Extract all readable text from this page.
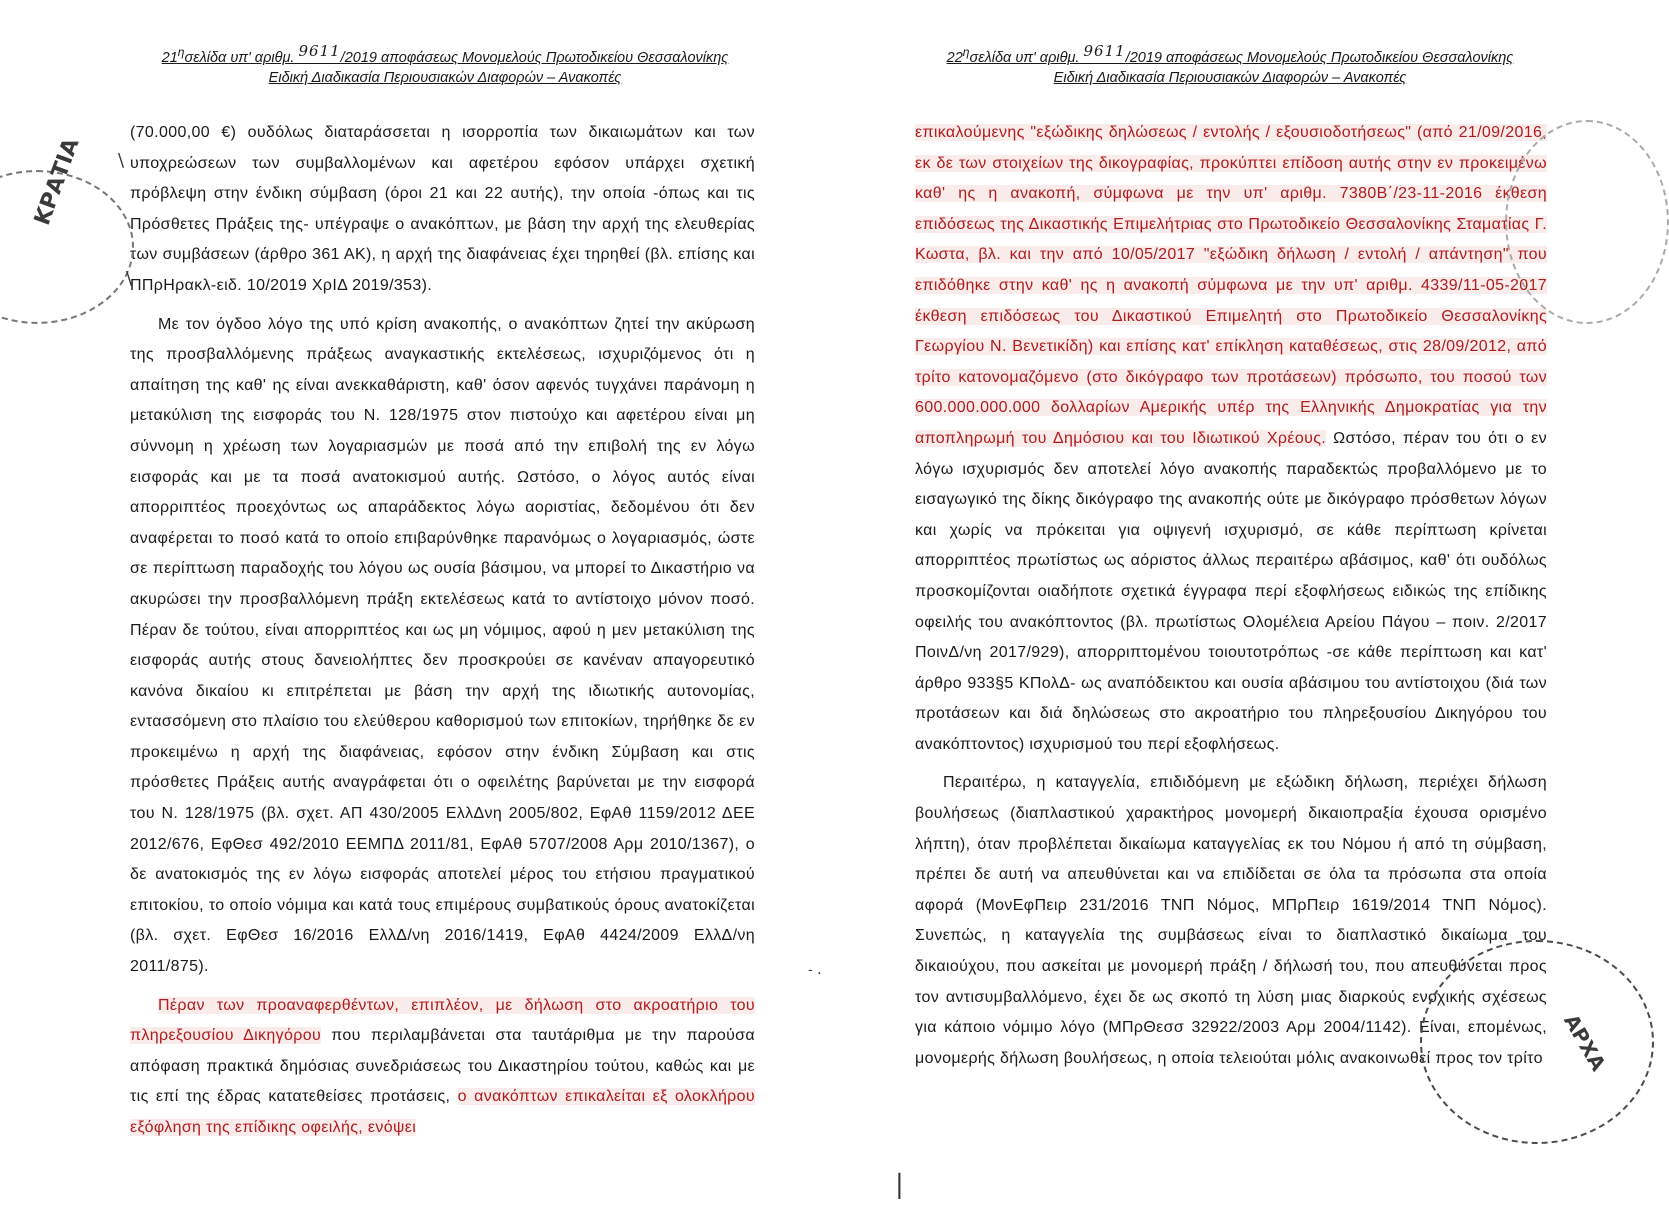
$21^\eta\sigma\varepsilon\lambda ί\delta\alpha$ υπ' αριθμ. 9611/2019 αποφάσεως Μονομελούς Πρωτοδικείου Θεσσαλονίκης
Ειδική Διαδικασία Περιουσιακών Διαφορών – Ανακοπές

(70.000,00 €) ουδόλως διαταράσσεται η ισορροπία των δικαιωμάτων και των υποχρεώσεων των συμβαλλομένων και αφετέρου εφόσον υπάρχει σχετική πρόβλεψη στην ένδικη σύμβαση (όροι 21 και 22 αυτής), την οποία -όπως και τις Πρόσθετες Πράξεις της- υπέγραψε ο ανακόπτων, με βάση την αρχή της ελευθερίας των συμβάσεων (άρθρο 361 ΑΚ), η αρχή της διαφάνειας έχει τηρηθεί (βλ. επίσης και ΠΠρΗρακλ-ειδ. 10/2019 ΧρΙΔ 2019/353).

Με τον όγδοο λόγο της υπό κρίση ανακοπής, ο ανακόπτων ζητεί την ακύρωση της προσβαλλόμενης πράξεως αναγκαστικής εκτελέσεως, ισχυριζόμενος ότι η απαίτηση της καθ' ης είναι ανεκκαθάριστη, καθ' όσον αφενός τυγχάνει παράνομη η μετακύλιση της εισφοράς του Ν. 128/1975 στον πιστούχο και αφετέρου είναι μη σύννομη η χρέωση των λογαριασμών με ποσά από την επιβολή της εν λόγω εισφοράς και με τα ποσά ανατοκισμού αυτής. Ωστόσο, ο λόγος αυτός είναι απορριπτέος προεχόντως ως απαράδεκτος λόγω αοριστίας, δεδομένου ότι δεν αναφέρεται το ποσό κατά το οποίο επιβαρύνθηκε παρανόμως ο λογαριασμός, ώστε σε περίπτωση παραδοχής του λόγου ως ουσία βάσιμου, να μπορεί το Δικαστήριο να ακυρώσει την προσβαλλόμενη πράξη εκτελέσεως κατά το αντίστοιχο μόνον ποσό. Πέραν δε τούτου, είναι απορριπτέος και ως μη νόμιμος, αφού η μεν μετακύλιση της εισφοράς αυτής στους δανειολήπτες δεν προσκρούει σε κανέναν απαγορευτικό κανόνα δικαίου κι επιτρέπεται με βάση την αρχή της ιδιωτικής αυτονομίας, εντασσόμενη στο πλαίσιο του ελεύθερου καθορισμού των επιτοκίων, τηρήθηκε δε εν προκειμένω η αρχή της διαφάνειας, εφόσον στην ένδικη Σύμβαση και στις πρόσθετες Πράξεις αυτής αναγράφεται ότι ο οφειλέτης βαρύνεται με την εισφορά του Ν. 128/1975 (βλ. σχετ. ΑΠ 430/2005 ΕλλΔνη 2005/802, ΕφΑθ 1159/2012 ΔΕΕ 2012/676, ΕφΘεσ 492/2010 ΕΕΜΠΔ 2011/81, ΕφΑθ 5707/2008 Αρμ 2010/1367), ο δε ανατοκισμός της εν λόγω εισφοράς αποτελεί μέρος του ετήσιου πραγματικού επιτοκίου, το οποίο νόμιμα και κατά τους επιμέρους συμβατικούς όρους ανατοκίζεται (βλ. σχετ. ΕφΘεσ 16/2016 ΕλλΔ/νη 2016/1419, ΕφΑθ 4424/2009 ΕλλΔ/νη 2011/875).

Πέραν των προαναφερθέντων, επιπλέον, με δήλωση στο ακροατήριο του πληρεξουσίου Δικηγόρου που περιλαμβάνεται στα ταυτάριθμα με την παρούσα απόφαση πρακτικά δημόσιας συνεδριάσεως του Δικαστηρίου τούτου, καθώς και με τις επί της έδρας κατατεθείσες προτάσεις, ο ανακόπτων επικαλείται εξ ολοκλήρου εξόφληση της επίδικης οφειλής, ενόψει

ΚΡΑΤΙΑ \
\
$22^\eta\sigma\varepsilon\lambda ί\delta\alpha$ υπ' αριθμ. 9611/2019 αποφάσεως Μονομελούς Πρωτοδικείου Θεσσαλονίκης
Ειδική Διαδικασία Περιουσιακών Διαφορών – Ανακοπές

επικαλούμενης "εξώδικης δηλώσεως / εντολής / εξουσιοδοτήσεως" (από 21/09/2016, εκ δε των στοιχείων της δικογραφίας, προκύπτει επίδοση αυτής στην εν προκειμένω καθ' ης η ανακοπή, σύμφωνα με την υπ' αριθμ. 7380Β΄/23-11-2016 έκθεση επιδόσεως της Δικαστικής Επιμελήτριας στο Πρωτοδικείο Θεσσαλονίκης Σταματίας Γ. Κωστα, βλ. και την από 10/05/2017 "εξώδικη δήλωση / εντολή / απάντηση" που επιδόθηκε στην καθ' ης η ανακοπή σύμφωνα με την υπ' αριθμ. 4339/11-05-2017 έκθεση επιδόσεως του Δικαστικού Επιμελητή στο Πρωτοδικείο Θεσσαλονίκης Γεωργίου Ν. Βενετικίδη) και επίσης κατ' επίκληση καταθέσεως, στις 28/09/2012, από τρίτο κατονομαζόμενο (στο δικόγραφο των προτάσεων) πρόσωπο, του ποσού των 600.000.000.000 δολλαρίων Αμερικής υπέρ της Ελληνικής Δημοκρατίας για την αποπληρωμή του Δημόσιου και του Ιδιωτικού Χρέους. Ωστόσο, πέραν του ότι ο εν λόγω ισχυρισμός δεν αποτελεί λόγο ανακοπής παραδεκτώς προβαλλόμενο με το εισαγωγικό της δίκης δικόγραφο της ανακοπής ούτε με δικόγραφο πρόσθετων λόγων και χωρίς να πρόκειται για οψιγενή ισχυρισμό, σε κάθε περίπτωση κρίνεται απορριπτέος πρωτίστως ως αόριστος άλλως περαιτέρω αβάσιμος, καθ' ότι ουδόλως προσκομίζονται οιαδήποτε σχετικά έγγραφα περί εξοφλήσεως ειδικώς της επίδικης οφειλής του ανακόπτοντος (βλ. πρωτίστως Ολομέλεια Αρείου Πάγου – ποιν. 2/2017 ΠοινΔ/νη 2017/929), απορριπτομένου τοιουτοτρόπως -σε κάθε περίπτωση και κατ' άρθρο 933§5 ΚΠολΔ- ως αναπόδεικτου και ουσία αβάσιμου του αντίστοιχου (διά των προτάσεων και διά δηλώσεως στο ακροατήριο του πληρεξουσίου Δικηγόρου του ανακόπτοντος) ισχυρισμού του περί εξοφλήσεως.

Περαιτέρω, η καταγγελία, επιδιδόμενη με εξώδικη δήλωση, περιέχει δήλωση βουλήσεως (διαπλαστικού χαρακτήρος μονομερή δικαιοπραξία έχουσα ορισμένο λήπτη), όταν προβλέπεται δικαίωμα καταγγελίας εκ του Νόμου ή από τη σύμβαση, πρέπει δε αυτή να απευθύνεται και να επιδίδεται σε όλα τα πρόσωπα στα οποία αφορά (ΜονΕφΠειρ 231/2016 ΤΝΠ Νόμος, ΜΠρΠειρ 1619/2014 ΤΝΠ Νόμος). Συνεπώς, η καταγγελία της συμβάσεως είναι το διαπλαστικό δικαίωμα του δικαιούχου, που ασκείται με μονομερή πράξη / δήλωσή του, που απευθύνεται προς τον αντισυμβαλλόμενο, έχει δε ως σκοπό τη λύση μιας διαρκούς ενοχικής σχέσεως για κάποιο νόμιμο λόγο (ΜΠρΘεσσ 32922/2003 Αρμ 2004/1142). Είναι, επομένως, μονομερής δήλωση βουλήσεως, η οποία τελειούται μόλις ανακοινωθεί προς τον τρίτο ΑΡΧΑ
|
- .
